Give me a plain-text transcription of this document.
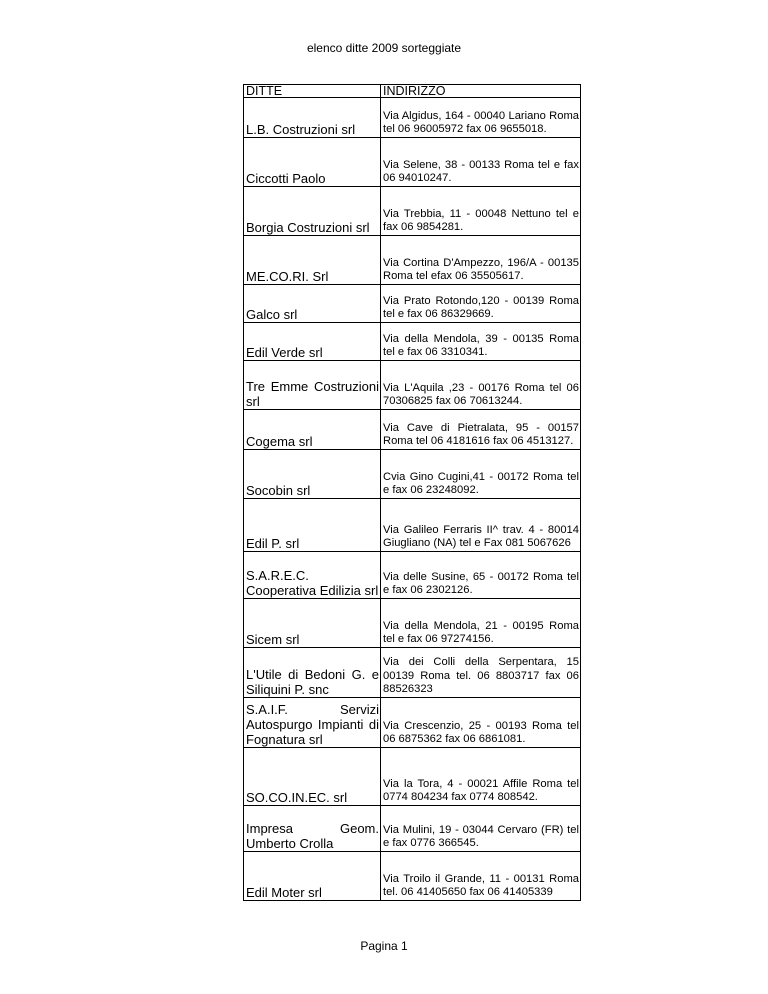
elenco ditte 2009 sorteggiate
DITTE	INDIRIZZO
L.B. Costruzioni srl	Via Algidus, 164 - 00040 Lariano Roma tel 06 96005972 fax 06 9655018.
Ciccotti Paolo	Via Selene, 38 - 00133 Roma tel e fax 06 94010247.
Borgia Costruzioni srl	Via Trebbia, 11 - 00048 Nettuno tel e fax 06 9854281.
ME.CO.RI. Srl	Via Cortina D'Ampezzo, 196/A - 00135 Roma tel efax 06 35505617.
Galco srl	Via Prato Rotondo,120 - 00139 Roma tel e fax 06 86329669.
Edil Verde srl	Via della Mendola, 39 - 00135 Roma tel e fax 06 3310341.
Tre Emme Costruzioni srl	Via L'Aquila ,23 - 00176 Roma tel 06 70306825 fax 06 70613244.
Cogema srl	Via Cave di Pietralata, 95 - 00157 Roma tel 06 4181616 fax 06 4513127.
Socobin srl	Cvia Gino Cugini,41 - 00172 Roma tel e fax 06 23248092.
Edil P. srl	Via Galileo Ferraris II^ trav. 4 - 80014 Giugliano (NA) tel e Fax 081 5067626
S.A.R.E.C. Cooperativa Edilizia srl	Via delle Susine, 65 - 00172 Roma tel e fax 06 2302126.
Sicem srl	Via della Mendola, 21 - 00195 Roma tel e fax 06 97274156.
L'Utile di Bedoni G. e Siliquini P. snc	Via dei Colli della Serpentara, 15 00139 Roma tel. 06 8803717 fax 06 88526323
S.A.I.F. Servizi Autospurgo Impianti di Fognatura srl	Via Crescenzio, 25 - 00193 Roma tel 06 6875362 fax 06 6861081.
SO.CO.IN.EC. srl	Via la Tora, 4 - 00021 Affile Roma tel 0774 804234 fax 0774 808542.
Impresa Geom. Umberto Crolla	Via Mulini, 19 - 03044 Cervaro (FR) tel e fax 0776 366545.
Edil Moter srl	Via Troilo il Grande, 11 - 00131 Roma tel. 06 41405650 fax 06 41405339
Pagina 1
